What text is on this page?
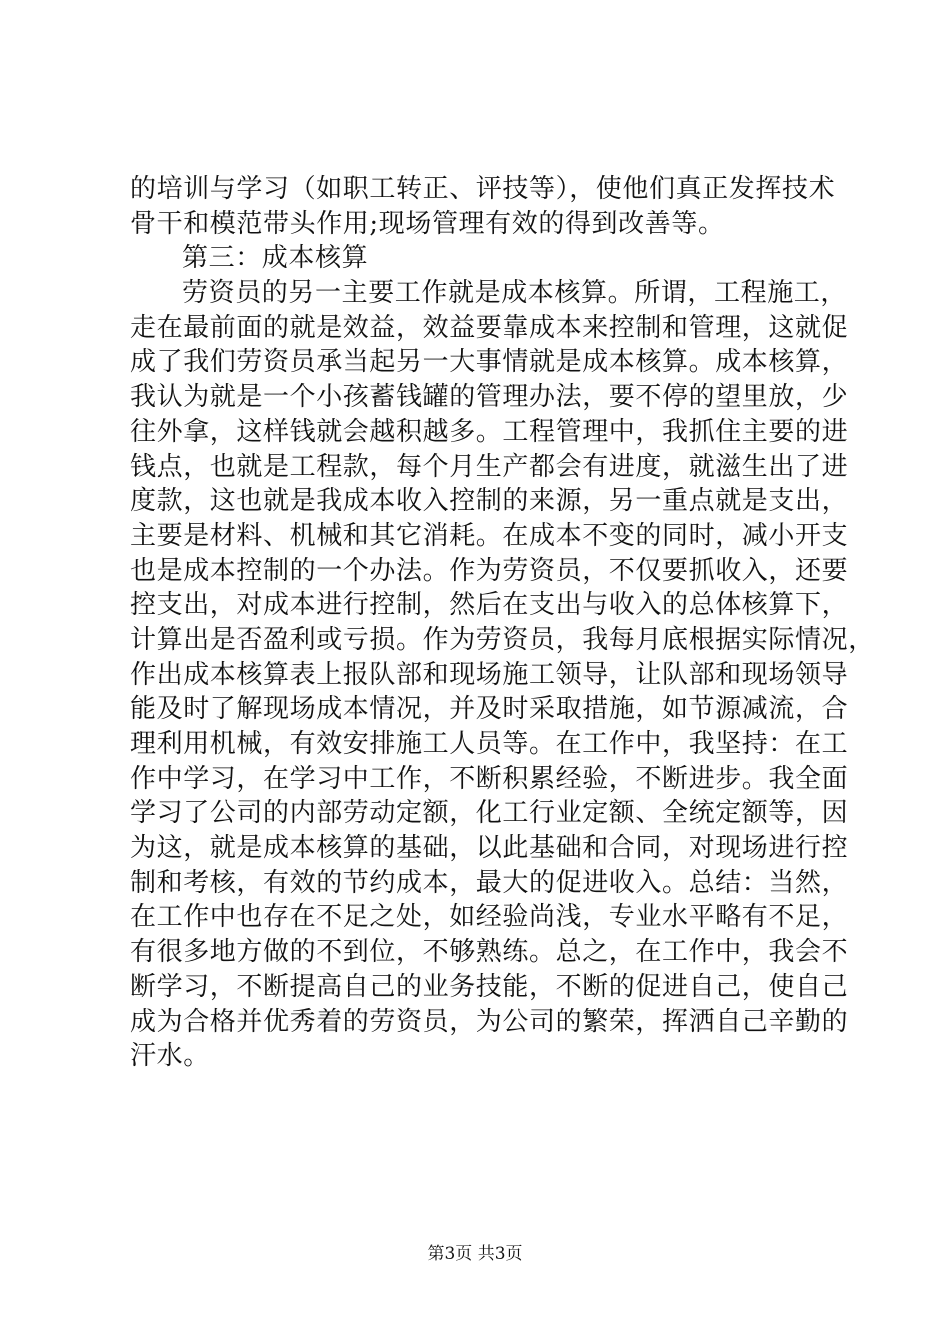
的培训与学习（如职工转正、评技等），使他们真正发挥技术
骨干和模范带头作用;现场管理有效的得到改善等。
第三：成本核算
劳资员的另一主要工作就是成本核算。所谓，工程施工，
走在最前面的就是效益，效益要靠成本来控制和管理，这就促
成了我们劳资员承当起另一大事情就是成本核算。成本核算，
我认为就是一个小孩蓄钱罐的管理办法，要不停的望里放，少
往外拿，这样钱就会越积越多。工程管理中，我抓住主要的进
钱点，也就是工程款，每个月生产都会有进度，就滋生出了进
度款，这也就是我成本收入控制的来源，另一重点就是支出，
主要是材料、机械和其它消耗。在成本不变的同时，减小开支
也是成本控制的一个办法。作为劳资员，不仅要抓收入，还要
控支出，对成本进行控制，然后在支出与收入的总体核算下，
计算出是否盈利或亏损。作为劳资员，我每月底根据实际情况，
作出成本核算表上报队部和现场施工领导，让队部和现场领导
能及时了解现场成本情况，并及时采取措施，如节源减流，合
理利用机械，有效安排施工人员等。在工作中，我坚持：在工
作中学习，在学习中工作，不断积累经验，不断进步。我全面
学习了公司的内部劳动定额，化工行业定额、全统定额等，因
为这，就是成本核算的基础，以此基础和合同，对现场进行控
制和考核，有效的节约成本，最大的促进收入。总结：当然，
在工作中也存在不足之处，如经验尚浅，专业水平略有不足，
有很多地方做的不到位，不够熟练。总之，在工作中，我会不
断学习，不断提高自己的业务技能，不断的促进自己，使自己
成为合格并优秀着的劳资员，为公司的繁荣，挥洒自己辛勤的
汗水。
第3页 共3页
